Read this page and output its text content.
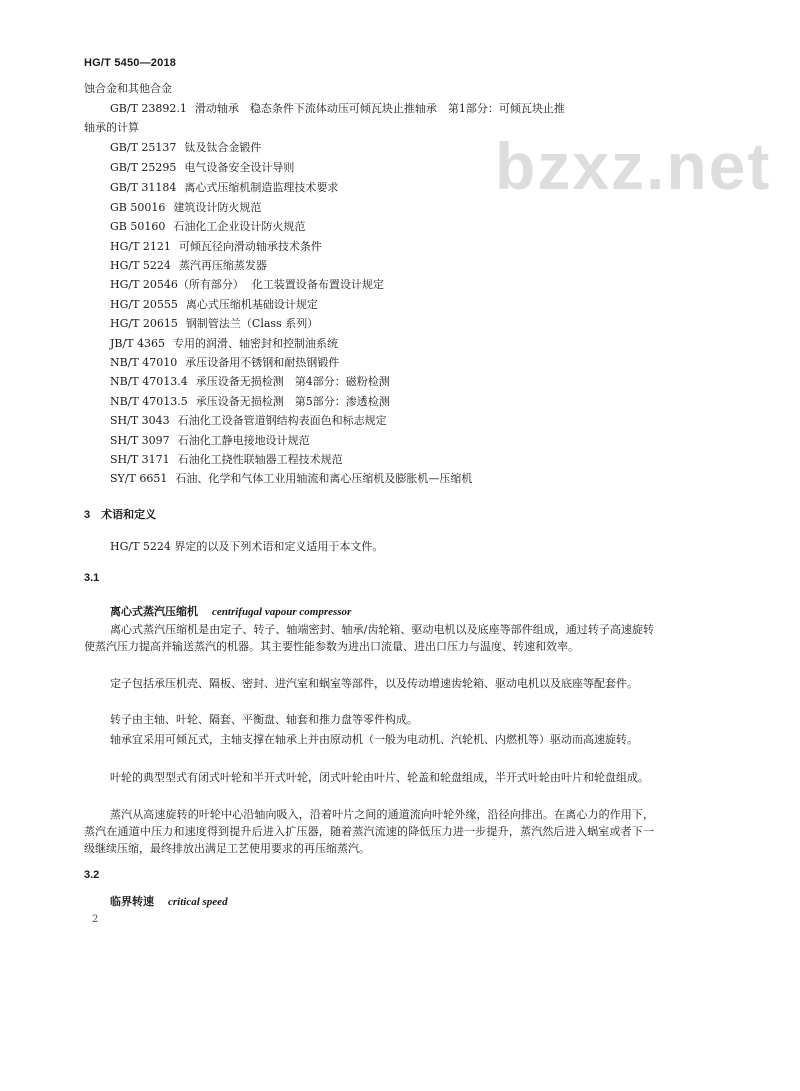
HG/T 5450—2018
bzxz.net
蚀合金和其他合金
GB/T 23892.1 滑动轴承　稳态条件下流体动压可倾瓦块止推轴承　第1部分：可倾瓦块止推
轴承的计算
GB/T 25137 钛及钛合金锻件
GB/T 25295 电气设备安全设计导则
GB/T 31184 离心式压缩机制造监理技术要求
GB 50016 建筑设计防火规范
GB 50160 石油化工企业设计防火规范
HG/T 2121 可倾瓦径向滑动轴承技术条件
HG/T 5224 蒸汽再压缩蒸发器
HG/T 20546（所有部分） 化工装置设备布置设计规定
HG/T 20555 离心式压缩机基础设计规定
HG/T 20615 钢制管法兰（Class 系列）
JB/T 4365 专用的润滑、轴密封和控制油系统
NB/T 47010 承压设备用不锈钢和耐热钢锻件
NB/T 47013.4 承压设备无损检测　第4部分：磁粉检测
NB/T 47013.5 承压设备无损检测　第5部分：渗透检测
SH/T 3043 石油化工设备管道钢结构表面色和标志规定
SH/T 3097 石油化工静电接地设计规范
SH/T 3171 石油化工挠性联轴器工程技术规范
SY/T 6651 石油、化学和气体工业用轴流和离心压缩机及膨胀机—压缩机
3　术语和定义
HG/T 5224 界定的以及下列术语和定义适用于本文件。
3.1
离心式蒸汽压缩机 centrifugal vapour compressor
离心式蒸汽压缩机是由定子、转子、轴端密封、轴承/齿轮箱、驱动电机以及底座等部件组成，通过转子高速旋转使蒸汽压力提高并输送蒸汽的机器。其主要性能参数为进出口流量、进出口压力与温度、转速和效率。
定子包括承压机壳、隔板、密封、进汽室和蜗室等部件，以及传动增速齿轮箱、驱动电机以及底座等配套件。
转子由主轴、叶轮、隔套、平衡盘、轴套和推力盘等零件构成。
轴承宜采用可倾瓦式，主轴支撑在轴承上并由原动机（一般为电动机、汽轮机、内燃机等）驱动而高速旋转。
叶轮的典型型式有闭式叶轮和半开式叶轮，闭式叶轮由叶片、轮盖和轮盘组成，半开式叶轮由叶片和轮盘组成。
蒸汽从高速旋转的叶轮中心沿轴向吸入，沿着叶片之间的通道流向叶轮外缘，沿径向排出。在离心力的作用下，蒸汽在通道中压力和速度得到提升后进入扩压器，随着蒸汽流速的降低压力进一步提升，蒸汽然后进入蜗室或者下一级继续压缩，最终排放出满足工艺使用要求的再压缩蒸汽。
3.2
临界转速 critical speed
2
